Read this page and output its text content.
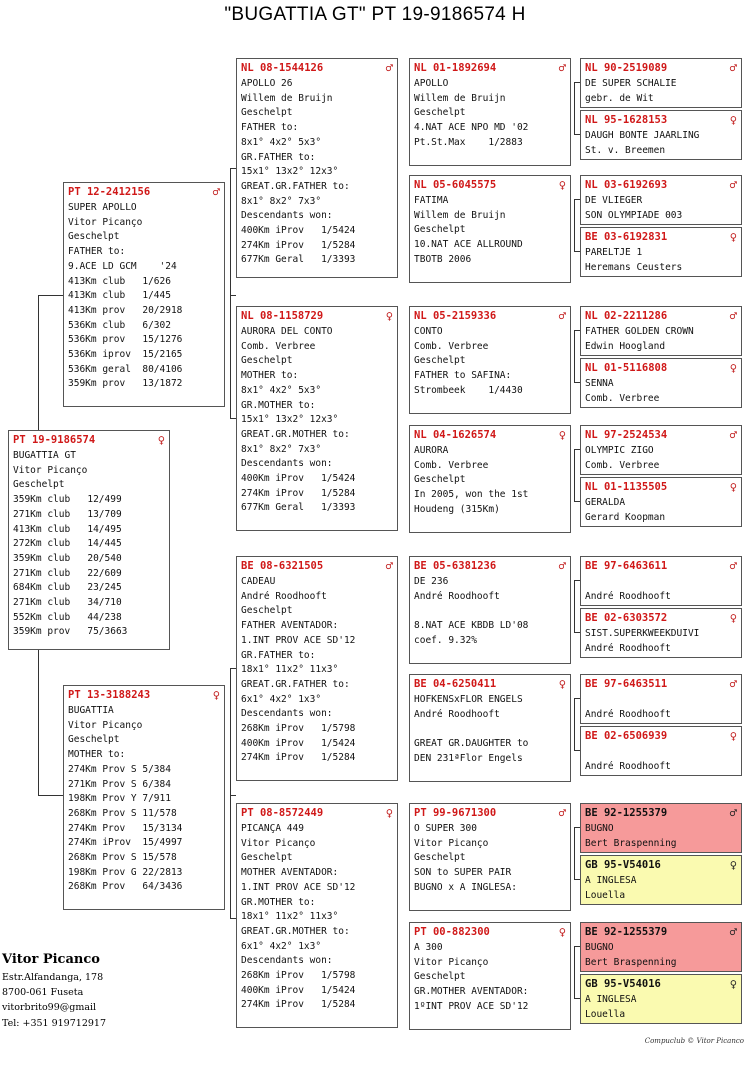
"BUGATTIA GT" PT 19-9186574 H
PT 19-9186574	♀
BUGATTIA GT
Vitor Picanço
Geschelpt
359Km club   12/499
271Km club   13/709
413Km club   14/495
272Km club   14/445
359Km club   20/540
271Km club   22/609
684Km club   23/245
271Km club   34/710
552Km club   44/238
359Km prov   75/3663
PT 12-2412156	♂
SUPER APOLLO
Vitor Picanço
Geschelpt
FATHER to:
9.ACE LD GCM    '24
413Km club   1/626
413Km club   1/445
413Km prov   20/2918
536Km club   6/302
536Km prov   15/1276
536Km iprov  15/2165
536Km geral  80/4106
359Km prov   13/1872
PT 13-3188243	♀
BUGATTIA
Vitor Picanço
Geschelpt
MOTHER to:
274Km Prov S 5/384
271Km Prov S 6/384
198Km Prov Y 7/911
268Km Prov S 11/578
274Km Prov   15/3134
274Km iProv  15/4997
268Km Prov S 15/578
198Km Prov G 22/2813
268Km Prov   64/3436
NL 08-1544126	♂
APOLLO 26
Willem de Bruijn
Geschelpt
FATHER to:
8x1° 4x2° 5x3°
GR.FATHER to:
15x1° 13x2° 12x3°
GREAT.GR.FATHER to:
8x1° 8x2° 7x3°
Descendants won:
400Km iProv   1/5424
274Km iProv   1/5284
677Km Geral   1/3393
NL 08-1158729	♀
AURORA DEL CONTO
Comb. Verbree
Geschelpt
MOTHER to:
8x1° 4x2° 5x3°
GR.MOTHER to:
15x1° 13x2° 12x3°
GREAT.GR.MOTHER to:
8x1° 8x2° 7x3°
Descendants won:
400Km iProv   1/5424
274Km iProv   1/5284
677Km Geral   1/3393
BE 08-6321505	♂
CADEAU
André Roodhooft
Geschelpt
FATHER AVENTADOR:
1.INT PROV ACE SD'12
GR.FATHER to:
18x1° 11x2° 11x3°
GREAT.GR.FATHER to:
6x1° 4x2° 1x3°
Descendants won:
268Km iProv   1/5798
400Km iProv   1/5424
274Km iProv   1/5284
PT 08-8572449	♀
PICANÇA 449
Vitor Picanço
Geschelpt
MOTHER AVENTADOR:
1.INT PROV ACE SD'12
GR.MOTHER to:
18x1° 11x2° 11x3°
GREAT.GR.MOTHER to:
6x1° 4x2° 1x3°
Descendants won:
268Km iProv   1/5798
400Km iProv   1/5424
274Km iProv   1/5284
NL 01-1892694	♂
APOLLO
Willem de Bruijn
Geschelpt
4.NAT ACE NPO MD '02
Pt.St.Max    1/2883
NL 05-6045575	♀
FATIMA
Willem de Bruijn
Geschelpt
10.NAT ACE ALLROUND
TBOTB 2006
NL 05-2159336	♂
CONTO
Comb. Verbree
Geschelpt
FATHER to SAFINA:
Strombeek    1/4430
NL 04-1626574	♀
AURORA
Comb. Verbree
Geschelpt
In 2005, won the 1st
Houdeng (315Km)
BE 05-6381236	♂
DE 236
André Roodhooft
8.NAT ACE KBDB LD'08
coef. 9.32%
BE 04-6250411	♀
HOFKENSxFLOR ENGELS
André Roodhooft
GREAT GR.DAUGHTER to
DEN 231ªFlor Engels
PT 99-9671300	♂
O SUPER 300
Vitor Picanço
Geschelpt
SON to SUPER PAIR
BUGNO x A INGLESA:
PT 00-882300	♀
A 300
Vitor Picanço
Geschelpt
GR.MOTHER AVENTADOR:
1ºINT PROV ACE SD'12
NL 90-2519089	♂
DE SUPER SCHALIE
gebr. de Wit
NL 95-1628153	♀
DAUGH BONTE JAARLING
St. v. Breemen
NL 03-6192693	♂
DE VLIEGER
SON OLYMPIADE 003
BE 03-6192831	♀
PARELTJE 1
Heremans Ceusters
NL 02-2211286	♂
FATHER GOLDEN CROWN
Edwin Hoogland
NL 01-5116808	♀
SENNA
Comb. Verbree
NL 97-2524534	♂
OLYMPIC ZIGO
Comb. Verbree
NL 01-1135505	♀
GERALDA
Gerard Koopman
BE 97-6463611	♂
André Roodhooft
BE 02-6303572	♀
SIST.SUPERKWEEKDUIVI
André Roodhooft
BE 97-6463511	♂
André Roodhooft
BE 02-6506939	♀
André Roodhooft
BE 92-1255379	♂
BUGNO
Bert Braspenning
GB 95-V54016	♀
A INGLESA
Louella
BE 92-1255379	♂
BUGNO
Bert Braspenning
GB 95-V54016	♀
A INGLESA
Louella
Vitor Picanco
Estr.Alfandanga, 178
8700-061 Fuseta
vitorbrito99@gmail
Tel: +351 919712917
Compuclub © Vitor Picanco
